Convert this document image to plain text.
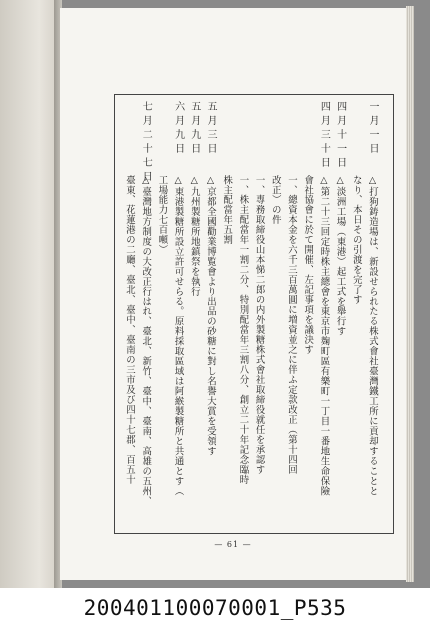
一月一日
△打狗鋳造場は、新設せられたる株式會社臺灣鐵工所に貢却することと
なり、本日その引渡を完了す
四月十一日
△淡洲工場（東港）起工式を舉行す
四月三十日
△第二十三回定時株主總會を東京市麹町區有樂町一丁目一番地生命保險
會社協會に於て開催、左記事項を議決す
一、總資本金を六千三百萬圓に増資並之に伴ふ定款改正（第十四回
改正）の件
一、專務取締役山本悌二郎の内外製糖株式會社取締役就任を承認す
一、株主配當年一割二分、特別配當年三割八分、創立二十年記念臨時
株主配當年五割
五月三日
△京都全國勸業博覧會より出品の砂糖に對し名譽大賞を受領す
五月九日
△九州製糖所地鎮祭を執行
六月九日
△東港製糖所設立許可せらる。原料採取區域は阿緱製糖所と共通とす（
工場能力七百噸）
七月二十七日
△臺灣地方制度の大改正行はれ、臺北、新竹、臺中、臺南、高雄の五州、
臺東、花蓮港の二廳、臺北、臺中、臺南の三市及び四十七郡、百五十
— 61 —
200401100070001_P535
